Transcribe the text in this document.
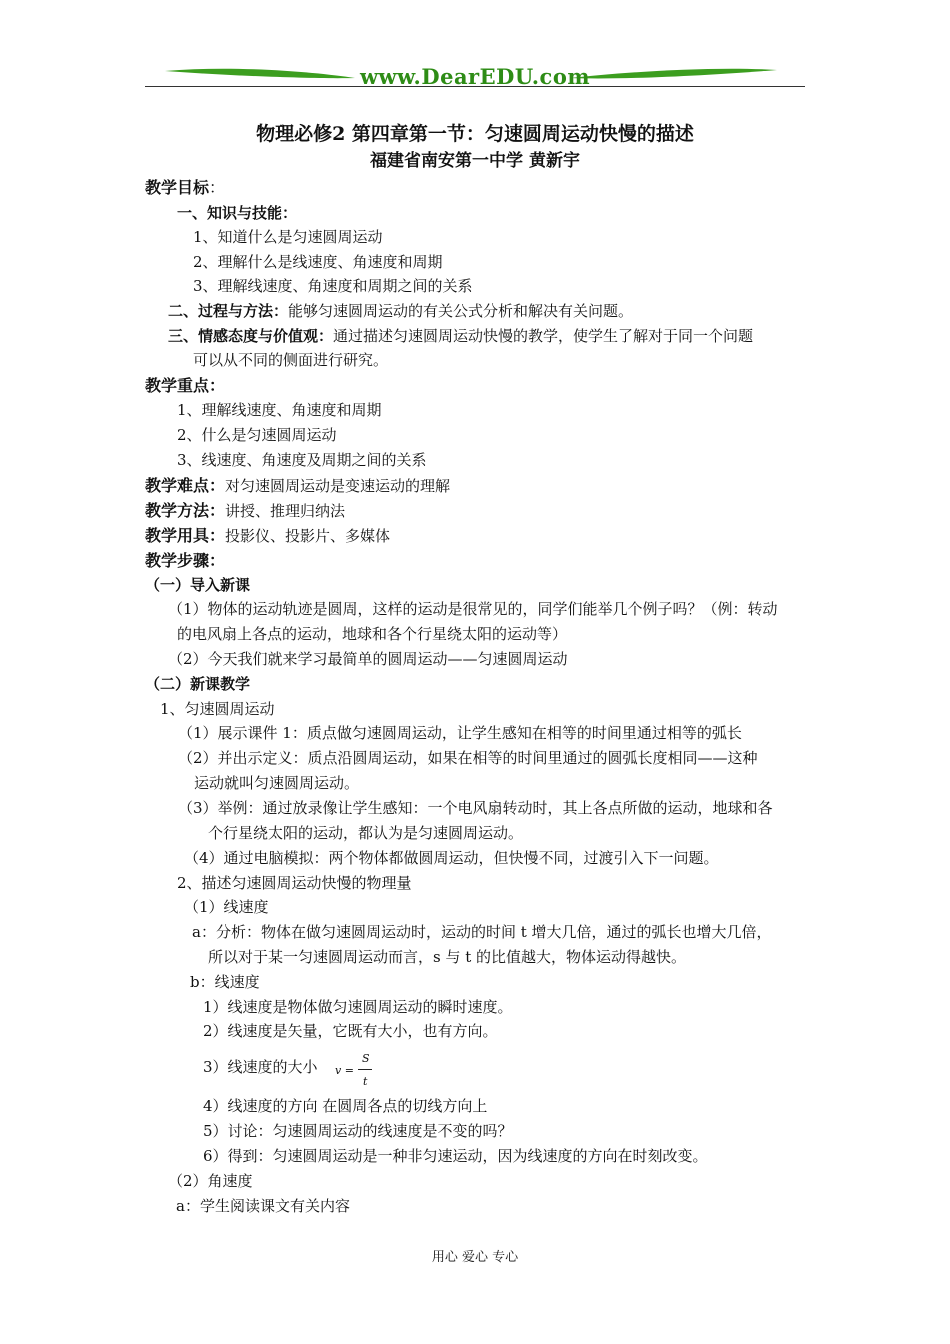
www.DearEDU.com
物理必修2 第四章第一节：匀速圆周运动快慢的描述
福建省南安第一中学 黄新宇
教学目标：
一、知识与技能：
1、知道什么是匀速圆周运动
2、理解什么是线速度、角速度和周期
3、理解线速度、角速度和周期之间的关系
二、过程与方法：能够匀速圆周运动的有关公式分析和解决有关问题。
三、情感态度与价值观：通过描述匀速圆周运动快慢的教学，使学生了解对于同一个问题
可以从不同的侧面进行研究。
教学重点：
1、理解线速度、角速度和周期
2、什么是匀速圆周运动
3、线速度、角速度及周期之间的关系
教学难点：对匀速圆周运动是变速运动的理解
教学方法：讲授、推理归纳法
教学用具：投影仪、投影片、多媒体
教学步骤：
（一）导入新课
（1）物体的运动轨迹是圆周，这样的运动是很常见的，同学们能举几个例子吗？（例：转动
的电风扇上各点的运动，地球和各个行星绕太阳的运动等）
（2）今天我们就来学习最简单的圆周运动——匀速圆周运动
（二）新课教学
1、匀速圆周运动
（1）展示课件 1：质点做匀速圆周运动，让学生感知在相等的时间里通过相等的弧长
（2）并出示定义：质点沿圆周运动，如果在相等的时间里通过的圆弧长度相同——这种
运动就叫匀速圆周运动。
（3）举例：通过放录像让学生感知：一个电风扇转动时，其上各点所做的运动，地球和各
个行星绕太阳的运动，都认为是匀速圆周运动。
（4）通过电脑模拟：两个物体都做圆周运动，但快慢不同，过渡引入下一问题。
2、描述匀速圆周运动快慢的物理量
（1）线速度
a：分析：物体在做匀速圆周运动时，运动的时间 t 增大几倍，通过的弧长也增大几倍，
所以对于某一匀速圆周运动而言，s 与 t 的比值越大，物体运动得越快。
b：线速度
1）线速度是物体做匀速圆周运动的瞬时速度。
2）线速度是矢量，它既有大小，也有方向。
3）线速度的大小 v =
S
t
4）线速度的方向 在圆周各点的切线方向上
5）讨论：匀速圆周运动的线速度是不变的吗？
6）得到：匀速圆周运动是一种非匀速运动，因为线速度的方向在时刻改变。
（2）角速度
a：学生阅读课文有关内容
用心 爱心 专心
